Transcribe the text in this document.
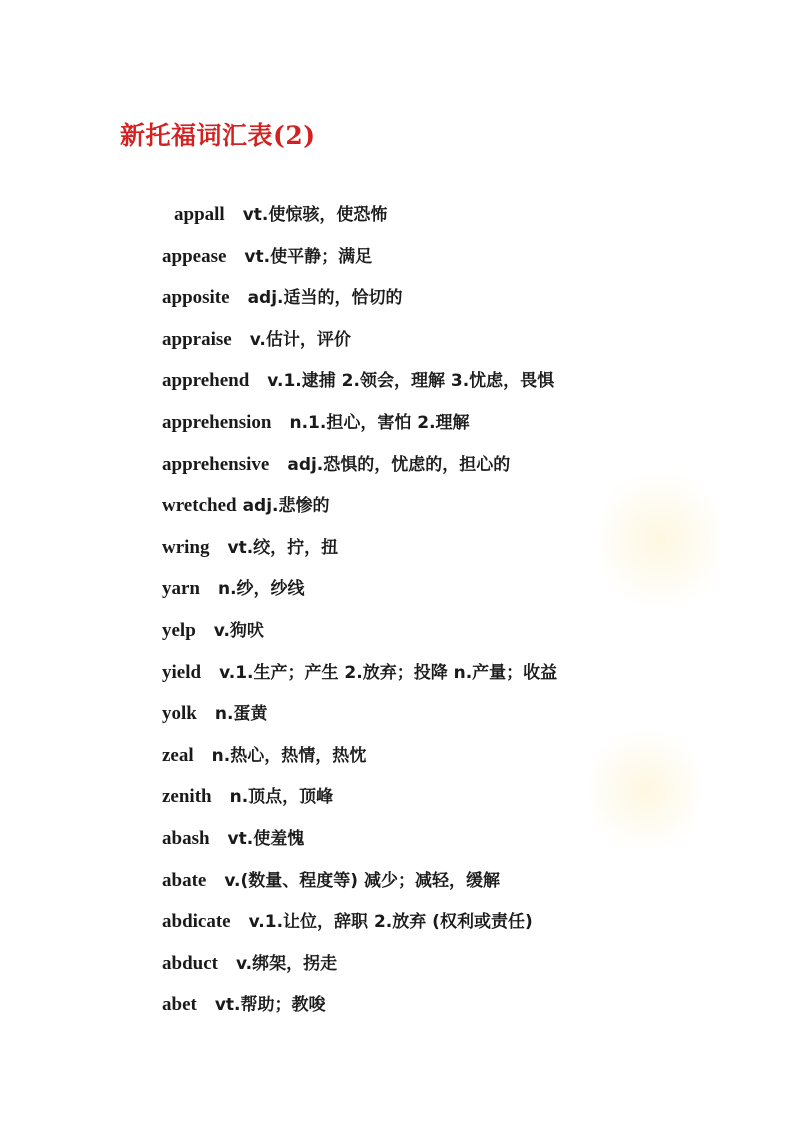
新托福词汇表(2)
appall vt.使惊骇，使恐怖
appease vt.使平静；满足
apposite adj.适当的，恰切的
appraise v.估计，评价
apprehend v.1.逮捕 2.领会，理解 3.忧虑，畏惧
apprehension n.1.担心，害怕 2.理解
apprehensive adj.恐惧的，忧虑的，担心的
wretched adj.悲惨的
wring vt.绞，拧，扭
yarn n.纱，纱线
yelp v.狗吠
yield v.1.生产；产生 2.放弃；投降 n.产量；收益
yolk n.蛋黄
zeal n.热心，热情，热忱
zenith n.顶点，顶峰
abash vt.使羞愧
abate v.(数量、程度等) 减少；减轻，缓解
abdicate v.1.让位，辞职 2.放弃 (权利或责任)
abduct v.绑架，拐走
abet vt.帮助；教唆
